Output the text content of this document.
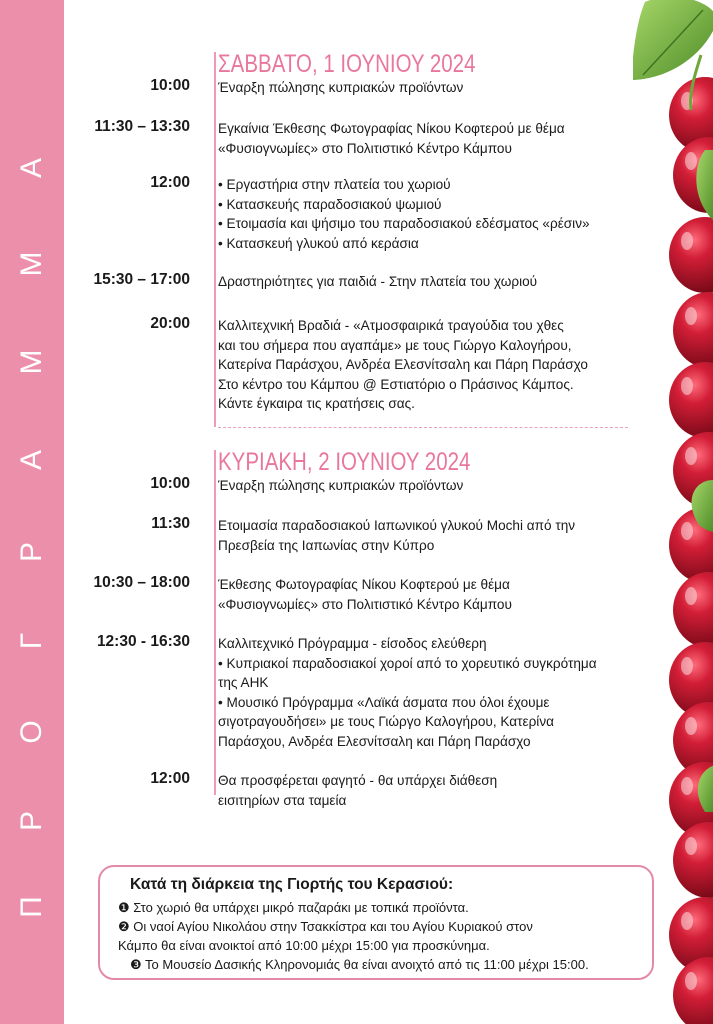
Π
Ρ
Ο
Γ
Ρ
Α
Μ
Μ
Α
ΣΑΒΒΑΤΟ, 1 ΙΟΥΝΙΟΥ 2024
10:00 Έναρξη πώλησης κυπριακών προϊόντων
11:30 – 13:30 Εγκαίνια Έκθεσης Φωτογραφίας Νίκου Κοφτερού με θέμα
«Φυσιογνωμίες» στο Πολιτιστικό Κέντρο Κάμπου
12:00 • Εργαστήρια στην πλατεία του χωριού
• Κατασκευής παραδοσιακού ψωμιού
• Ετοιμασία και ψήσιμο του παραδοσιακού εδέσματος «ρέσιν»
• Κατασκευή γλυκού από κεράσια
15:30 – 17:00 Δραστηριότητες για παιδιά - Στην πλατεία του χωριού
20:00 Καλλιτεχνική Βραδιά - «Ατμοσφαιρικά τραγούδια του χθες
και του σήμερα που αγαπάμε» με τους Γιώργο Καλογήρου,
Κατερίνα Παράσχου, Ανδρέα Ελεσνίτσαλη και Πάρη Παράσχο
Στο κέντρο του Κάμπου @ Εστιατόριο ο Πράσινος Κάμπος.
Κάντε έγκαιρα τις κρατήσεις σας.
ΚΥΡΙΑΚΗ, 2 ΙΟΥΝΙΟΥ 2024
10:00 Έναρξη πώλησης κυπριακών προϊόντων
11:30 Ετοιμασία παραδοσιακού Ιαπωνικού γλυκού Mochi από την
Πρεσβεία της Ιαπωνίας στην Κύπρο
10:30 – 18:00 Έκθεσης Φωτογραφίας Νίκου Κοφτερού με θέμα
«Φυσιογνωμίες» στο Πολιτιστικό Κέντρο Κάμπου
12:30 - 16:30 Καλλιτεχνικό Πρόγραμμα - είσοδος ελεύθερη
• Κυπριακοί παραδοσιακοί χοροί από το χορευτικό συγκρότημα
της ΑΗΚ
• Μουσικό Πρόγραμμα «Λαϊκά άσματα που όλοι έχουμε
σιγοτραγουδήσει» με τους Γιώργο Καλογήρου, Κατερίνα
Παράσχου, Ανδρέα Ελεσνίτσαλη και Πάρη Παράσχο
12:00 Θα προσφέρεται φαγητό - θα υπάρχει διάθεση
εισιτηρίων στα ταμεία
Κατά τη διάρκεια της Γιορτής του Κερασιού:
❶ Στο χωριό θα υπάρχει μικρό παζαράκι με τοπικά προϊόντα.
❷ Οι ναοί Αγίου Νικολάου στην Τσακκίστρα και του Αγίου Κυριακού στον
Κάμπο θα είναι ανοικτοί από 10:00 μέχρι 15:00 για προσκύνημα.
❸ Το Μουσείο Δασικής Κληρονομιάς θα είναι ανοιχτό από τις 11:00 μέχρι 15:00.
